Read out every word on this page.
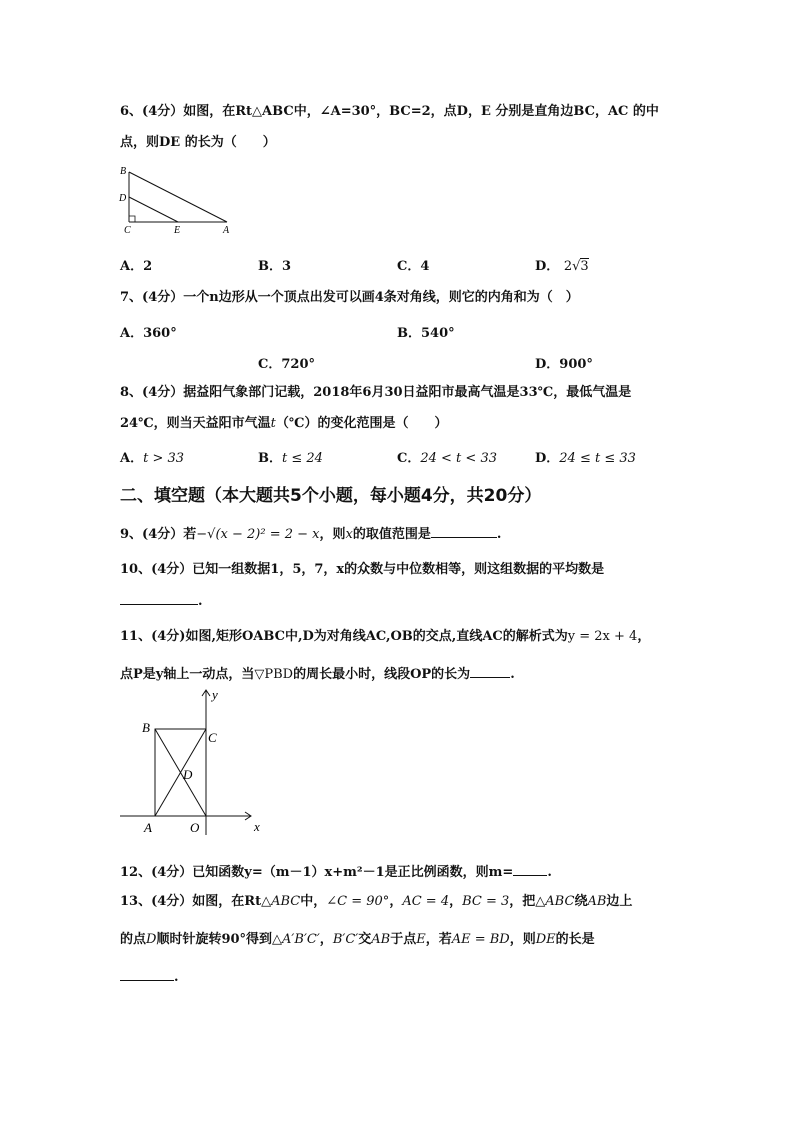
6、(4分）如图，在Rt△ABC中，∠A=30°，BC=2，点D，E 分别是直角边BC，AC 的中
点，则DE 的长为（　　）
B
D
C	E	A
A．2	B．3	C．4	D． 2√3
7、(4分）一个n边形从一个顶点出发可以画4条对角线，则它的内角和为（　）
A．360°	B．540°
C．720°	D．900°
8、(4分）据益阳气象部门记载，2018年6月30日益阳市最高气温是33℃，最低气温是
24℃，则当天益阳市气温t（℃）的变化范围是（　　）
A．t > 33	B．t ≤ 24	C．24 < t < 33	D．24 ≤ t ≤ 33
二、填空题（本大题共5个小题，每小题4分，共20分）
9、(4分）若−√(x − 2)² = 2 − x，则x的取值范围是	.
10、(4分）已知一组数据1，5，7，x的众数与中位数相等，则这组数据的平均数是
.
11、(4分)如图,矩形OABC中,D为对角线AC,OB的交点,直线AC的解析式为y = 2x + 4，
点P是y轴上一动点，当▽PBD的周长最小时，线段OP的长为	.
y
x
B
C
D
A	O
12、(4分）已知函数y=（m－1）x+m²－1是正比例函数，则m=	.
13、(4分）如图，在Rt△ABC中，∠C = 90°，AC = 4，BC = 3，把△ABC绕AB边上
的点D顺时针旋转90°得到△A′B′C′，B′C′交AB于点E，若AE = BD，则DE的长是
.
